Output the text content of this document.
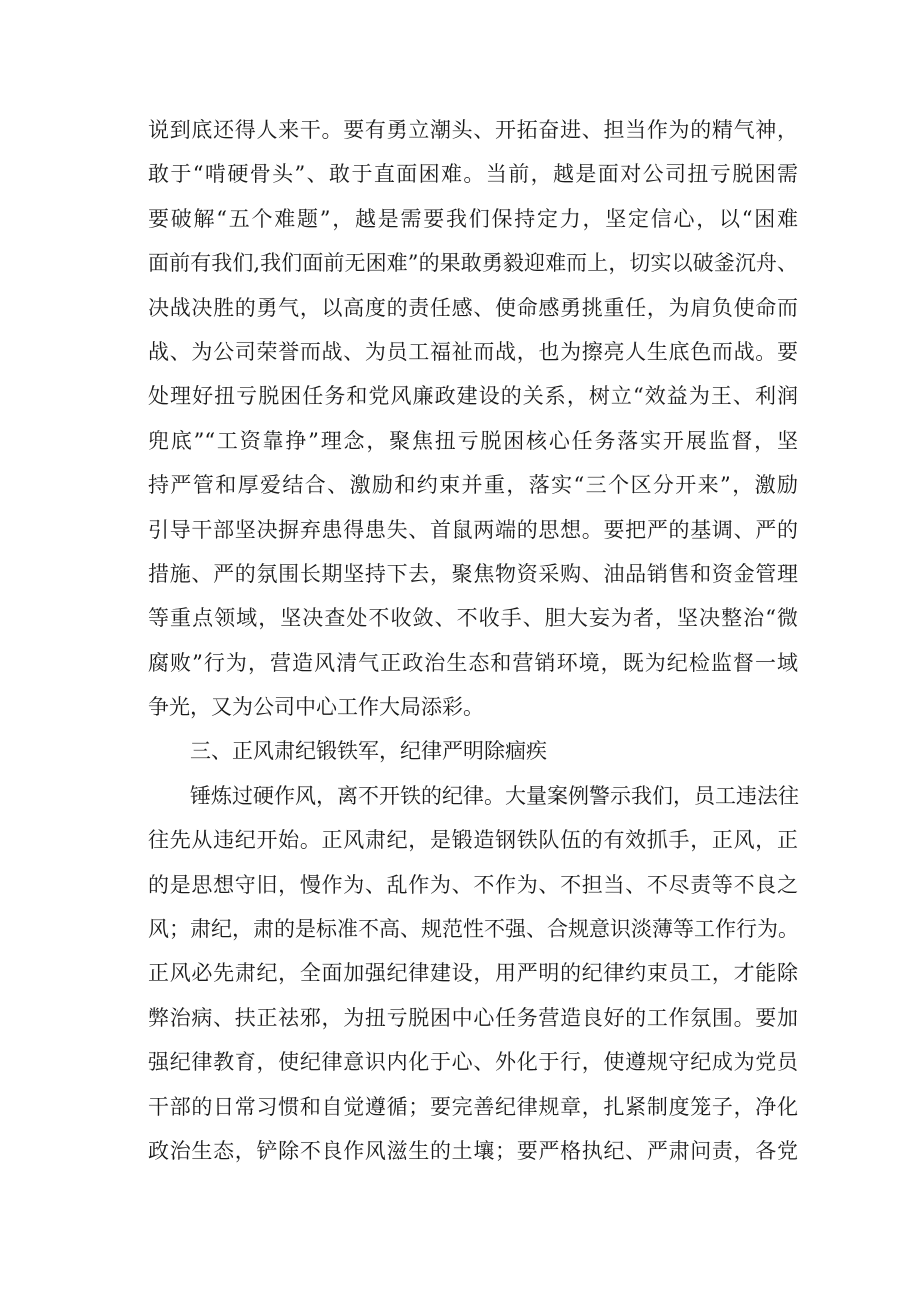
说到底还得人来干。要有勇立潮头、开拓奋进、担当作为的精气神，
敢于“啃硬骨头”、敢于直面困难。当前，越是面对公司扭亏脱困需
要破解“五个难题”，越是需要我们保持定力，坚定信心，以“困难
面前有我们,我们面前无困难”的果敢勇毅迎难而上，切实以破釜沉舟、
决战决胜的勇气，以高度的责任感、使命感勇挑重任，为肩负使命而
战、为公司荣誉而战、为员工福祉而战，也为擦亮人生底色而战。要
处理好扭亏脱困任务和党风廉政建设的关系，树立“效益为王、利润
兜底”“工资靠挣”理念，聚焦扭亏脱困核心任务落实开展监督，坚
持严管和厚爱结合、激励和约束并重，落实“三个区分开来”，激励
引导干部坚决摒弃患得患失、首鼠两端的思想。要把严的基调、严的
措施、严的氛围长期坚持下去，聚焦物资采购、油品销售和资金管理
等重点领域，坚决查处不收敛、不收手、胆大妄为者，坚决整治“微
腐败”行为，营造风清气正政治生态和营销环境，既为纪检监督一域
争光，又为公司中心工作大局添彩。
三、正风肃纪锻铁军，纪律严明除痼疾
锤炼过硬作风，离不开铁的纪律。大量案例警示我们，员工违法往
往先从违纪开始。正风肃纪，是锻造钢铁队伍的有效抓手，正风，正
的是思想守旧，慢作为、乱作为、不作为、不担当、不尽责等不良之
风；肃纪，肃的是标准不高、规范性不强、合规意识淡薄等工作行为。
正风必先肃纪，全面加强纪律建设，用严明的纪律约束员工，才能除
弊治病、扶正祛邪，为扭亏脱困中心任务营造良好的工作氛围。要加
强纪律教育，使纪律意识内化于心、外化于行，使遵规守纪成为党员
干部的日常习惯和自觉遵循；要完善纪律规章，扎紧制度笼子，净化
政治生态，铲除不良作风滋生的土壤；要严格执纪、严肃问责，各党
